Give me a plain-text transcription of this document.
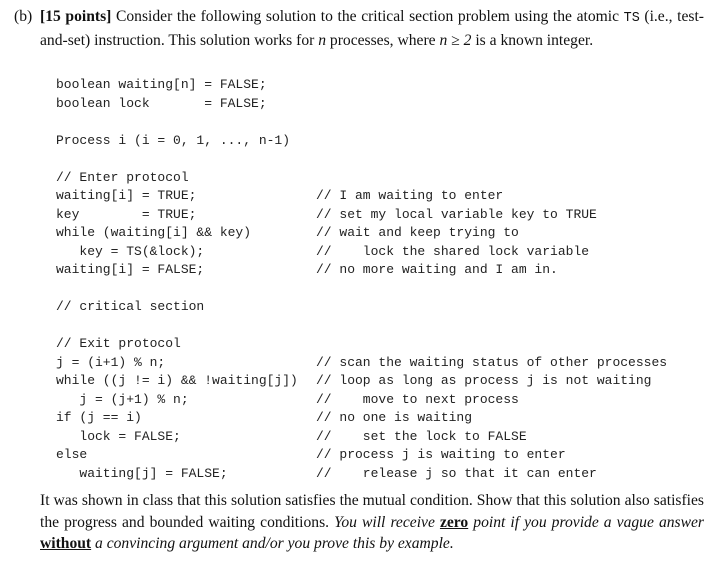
(b) [15 points] Consider the following solution to the critical section problem using the atomic TS (i.e., test-and-set) instruction. This solution works for n processes, where n ≥ 2 is a known integer.
boolean waiting[n] = FALSE;
boolean lock       = FALSE;
Process i (i = 0, 1, ..., n-1)
// Enter protocol
waiting[i] = TRUE;	// I am waiting to enter
key        = TRUE;	// set my local variable key to TRUE
while (waiting[i] && key)	// wait and keep trying to
key = TS(&lock);	//    lock the shared lock variable
waiting[i] = FALSE;	// no more waiting and I am in.
// critical section
// Exit protocol
j = (i+1) % n;	// scan the waiting status of other processes
while ((j != i) && !waiting[j]) // loop as long as process j is not waiting
j = (j+1) % n;	//    move to next process
if (j == i)	// no one is waiting
lock = FALSE;	//    set the lock to FALSE
else	// process j is waiting to enter
waiting[j] = FALSE;	//    release j so that it can enter
It was shown in class that this solution satisfies the mutual condition. Show that this solution also satisfies the progress and bounded waiting conditions. You will receive zero point if you provide a vague answer without a convincing argument and/or you prove this by example.
